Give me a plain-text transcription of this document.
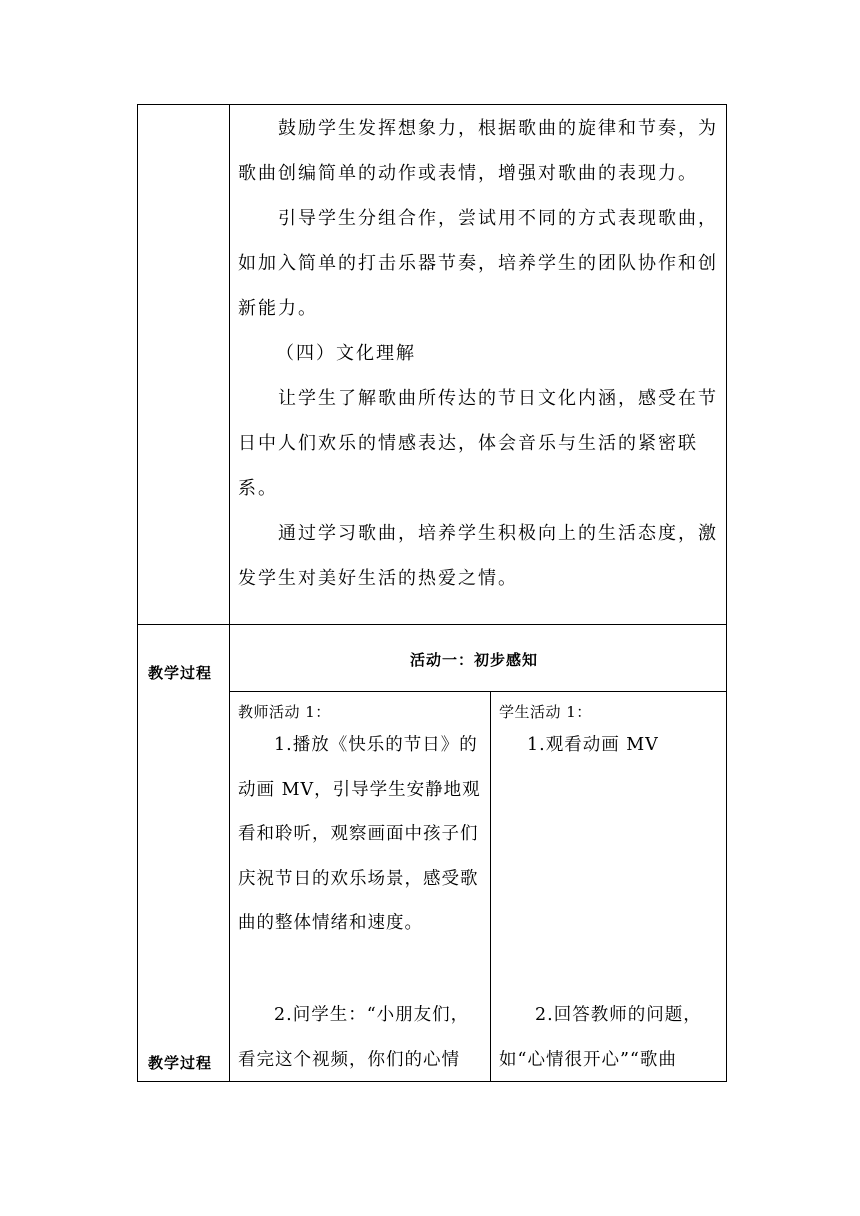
鼓励学生发挥想象力，根据歌曲的旋律和节奏，为歌曲创编简单的动作或表情，增强对歌曲的表现力。
引导学生分组合作，尝试用不同的方式表现歌曲，如加入简单的打击乐器节奏，培养学生的团队协作和创新能力。
（四）文化理解
让学生了解歌曲所传达的节日文化内涵，感受在节日中人们欢乐的情感表达，体会音乐与生活的紧密联系。
通过学习歌曲，培养学生积极向上的生活态度，激发学生对美好生活的热爱之情。
教学过程
教学过程
活动一：初步感知
教师活动 1：	学生活动 1：
1.播放《快乐的节日》的动画 MV，引导学生安静地观看和聆听，观察画面中孩子们庆祝节日的欢乐场景，感受歌曲的整体情绪和速度。
2.问学生：“小朋友们，看完这个视频，你们的心情
1.观看动画 MV
2.回答教师的问题，如“心情很开心”“歌曲
